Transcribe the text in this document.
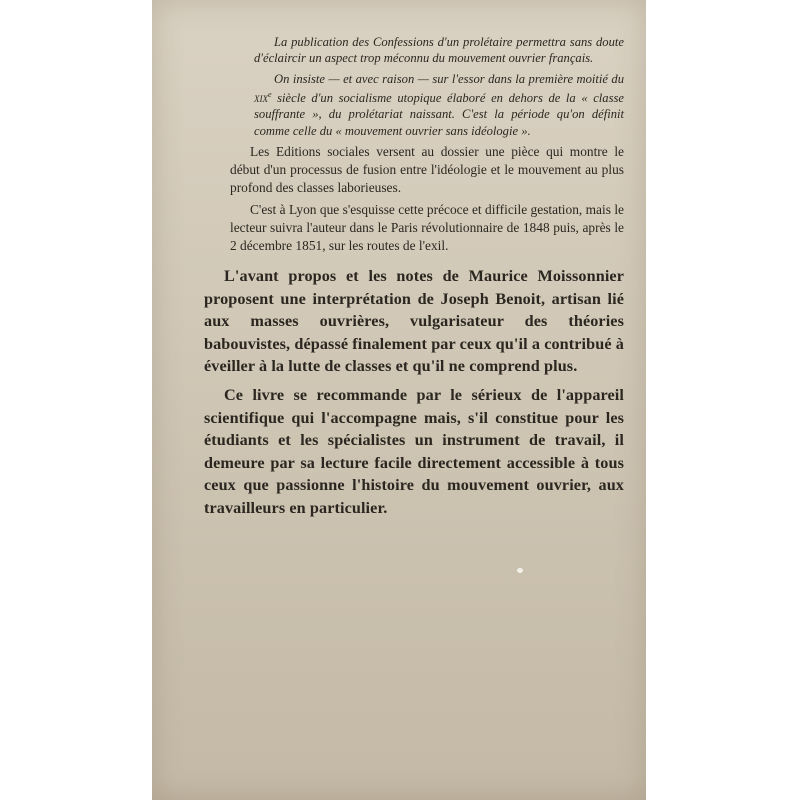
La publication des Confessions d'un prolétaire permettra sans doute d'éclaircir un aspect trop méconnu du mouvement ouvrier français.

On insiste — et avec raison — sur l'essor dans la première moitié du xix$^e$ siècle d'un socialisme utopique élaboré en dehors de la « classe souffrante », du prolétariat naissant. C'est la période qu'on définit comme celle du « mouvement ouvrier sans idéologie ».

Les Editions sociales versent au dossier une pièce qui montre le début d'un processus de fusion entre l'idéologie et le mouvement au plus profond des classes laborieuses.

C'est à Lyon que s'esquisse cette précoce et difficile gestation, mais le lecteur suivra l'auteur dans le Paris révolutionnaire de 1848 puis, après le 2 décembre 1851, sur les routes de l'exil.

L'avant propos et les notes de Maurice Moissonnier proposent une interprétation de Joseph Benoit, artisan lié aux masses ouvrières, vulgarisateur des théories babouvistes, dépassé finalement par ceux qu'il a contribué à éveiller à la lutte de classes et qu'il ne comprend plus.

Ce livre se recommande par le sérieux de l'appareil scientifique qui l'accompagne mais, s'il constitue pour les étudiants et les spécialistes un instrument de travail, il demeure par sa lecture facile directement accessible à tous ceux que passionne l'histoire du mouvement ouvrier, aux travailleurs en particulier.
